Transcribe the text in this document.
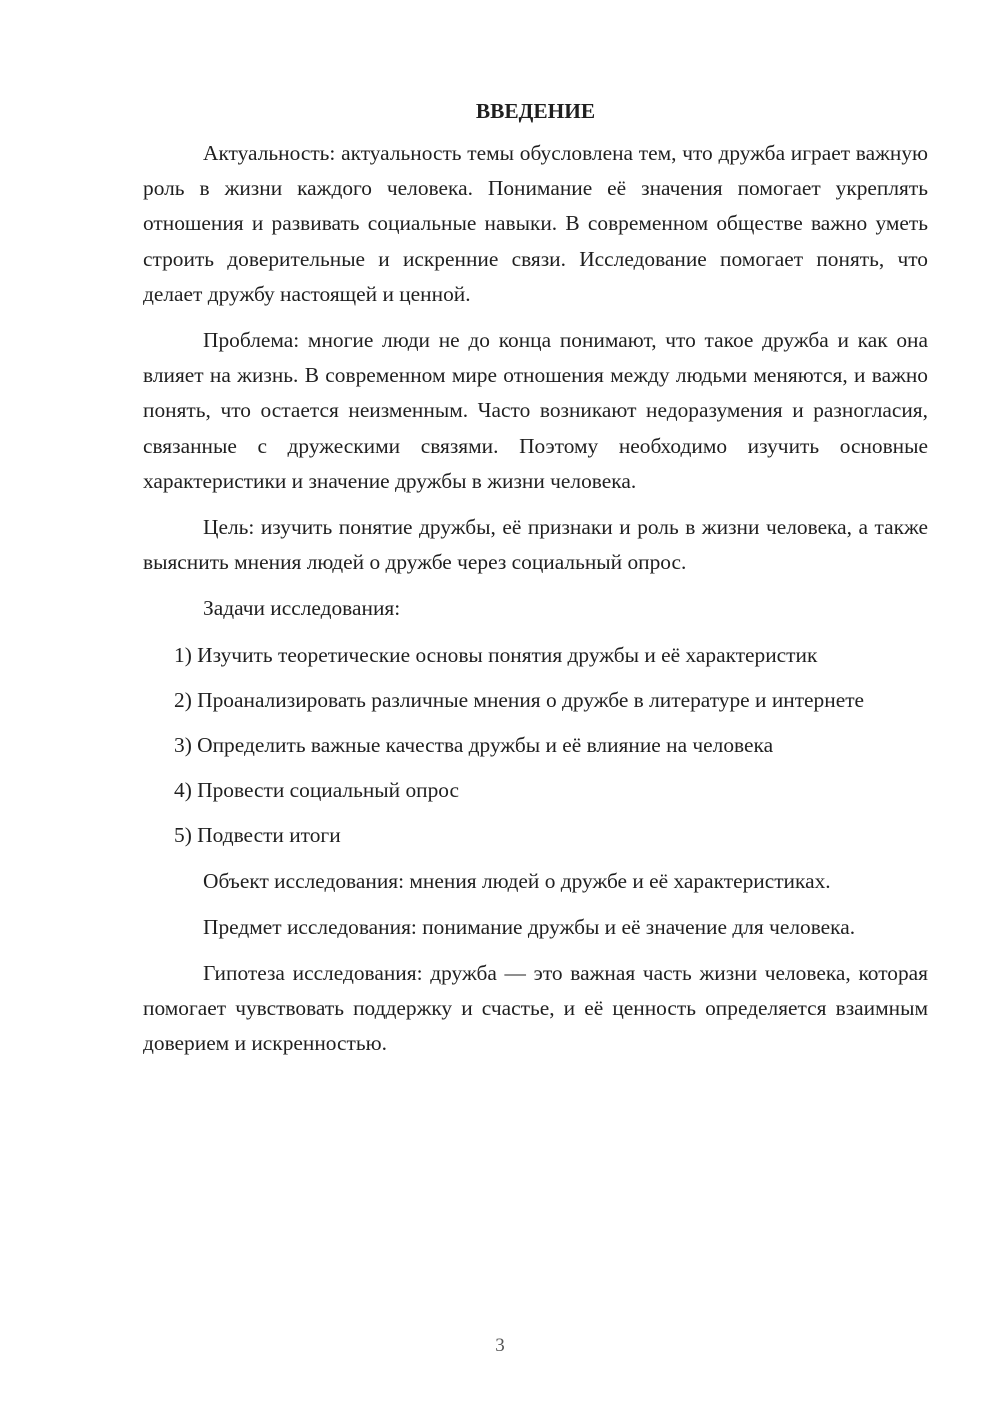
ВВЕДЕНИЕ

Актуальность: актуальность темы обусловлена тем, что дружба играет важную роль в жизни каждого человека. Понимание её значения помогает укреплять отношения и развивать социальные навыки. В современном обществе важно уметь строить доверительные и искренние связи. Исследование помогает понять, что делает дружбу настоящей и ценной.

Проблема: многие люди не до конца понимают, что такое дружба и как она влияет на жизнь. В современном мире отношения между людьми меняются, и важно понять, что остается неизменным. Часто возникают недоразумения и разногласия, связанные с дружескими связями. Поэтому необходимо изучить основные характеристики и значение дружбы в жизни человека.

Цель: изучить понятие дружбы, её признаки и роль в жизни человека, а также выяснить мнения людей о дружбе через социальный опрос.

Задачи исследования:

1) Изучить теоретические основы понятия дружбы и её характеристик

2) Проанализировать различные мнения о дружбе в литературе и интернете

3) Определить важные качества дружбы и её влияние на человека

4) Провести социальный опрос

5) Подвести итоги

Объект исследования: мнения людей о дружбе и её характеристиках.

Предмет исследования: понимание дружбы и её значение для человека.

Гипотеза исследования: дружба — это важная часть жизни человека, которая помогает чувствовать поддержку и счастье, и её ценность определяется взаимным доверием и искренностью.

3
